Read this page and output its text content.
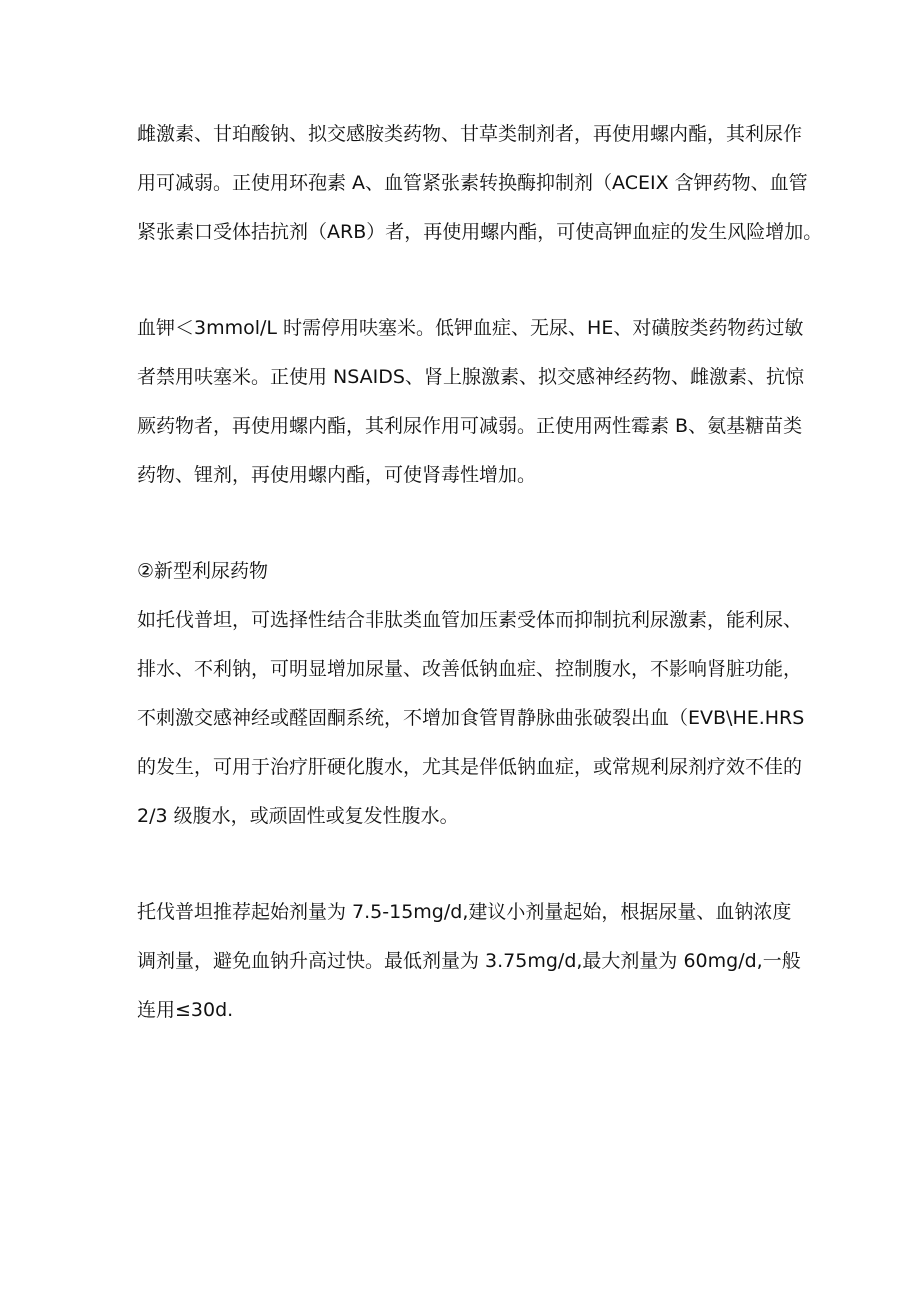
雌激素、甘珀酸钠、拟交感胺类药物、甘草类制剂者，再使用螺内酯，其利尿作
用可减弱。正使用环孢素 A、血管紧张素转换酶抑制剂（ACEIX 含钾药物、血管
紧张素口受体拮抗剂（ARB）者，再使用螺内酯，可使高钾血症的发生风险增加。
血钾＜3mmol∕L 时需停用呋塞米。低钾血症、无尿、HE、对磺胺类药物药过敏
者禁用呋塞米。正使用 NSAIDS、肾上腺激素、拟交感神经药物、雌激素、抗惊
厥药物者，再使用螺内酯，其利尿作用可减弱。正使用两性霉素 B、氨基糖苗类
药物、锂剂，再使用螺内酯，可使肾毒性增加。
②新型利尿药物
如托伐普坦，可选择性结合非肽类血管加压素受体而抑制抗利尿激素，能利尿、
排水、不利钠，可明显增加尿量、改善低钠血症、控制腹水，不影响肾脏功能，
不刺激交感神经或醛固酮系统，不增加食管胃静脉曲张破裂出血（EVB\HE.HRS
的发生，可用于治疗肝硬化腹水，尤其是伴低钠血症，或常规利尿剂疗效不佳的
2/3 级腹水，或顽固性或复发性腹水。
托伐普坦推荐起始剂量为 7.5-15mg∕d,建议小剂量起始，根据尿量、血钠浓度
调剂量，避免血钠升高过快。最低剂量为 3.75mg∕d,最大剂量为 60mg∕d,一般
连用≤30d.
